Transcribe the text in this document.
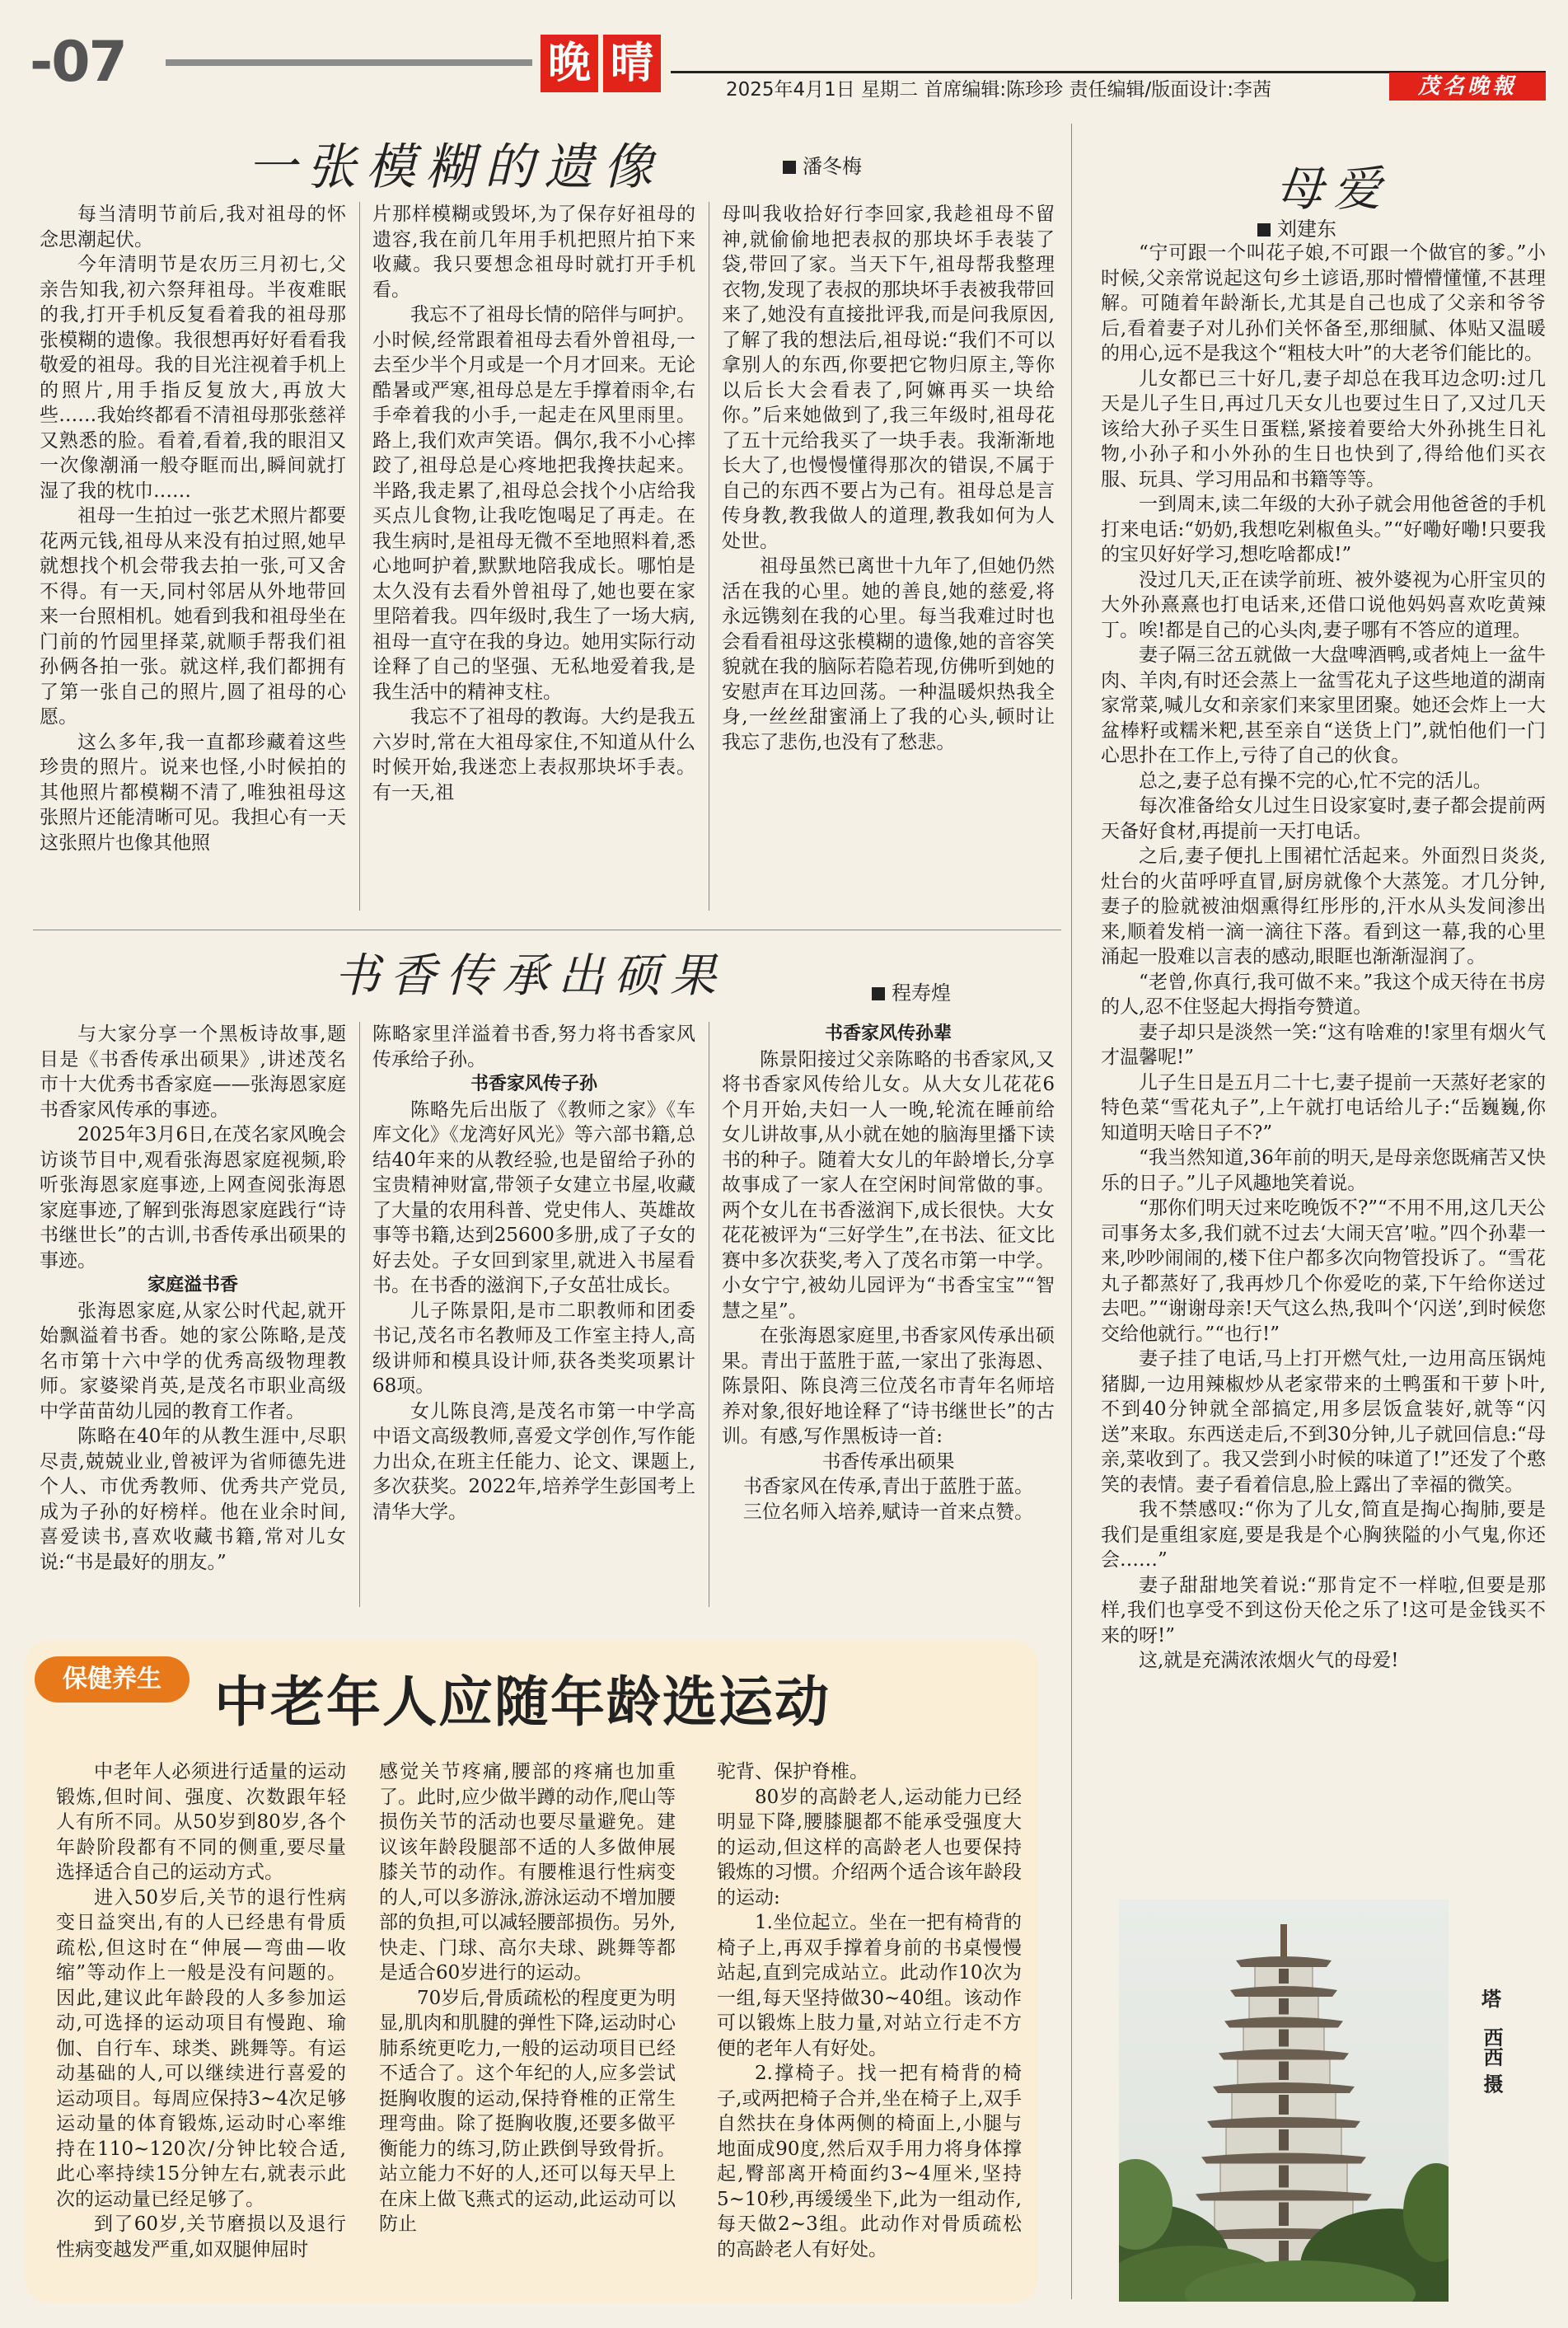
-07	晚 晴
2025年4月1日 星期二 首席编辑:陈珍珍 责任编辑/版面设计:李茜	茂名晚報
一张模糊的遗像	潘冬梅

每当清明节前后,我对祖母的怀念思潮起伏。

今年清明节是农历三月初七,父亲告知我,初六祭拜祖母。半夜难眠的我,打开手机反复看着我的祖母那张模糊的遗像。我很想再好好看看我敬爱的祖母。我的目光注视着手机上的照片,用手指反复放大,再放大些……我始终都看不清祖母那张慈祥又熟悉的脸。看着,看着,我的眼泪又一次像潮涌一般夺眶而出,瞬间就打湿了我的枕巾……

祖母一生拍过一张艺术照片都要花两元钱,祖母从来没有拍过照,她早就想找个机会带我去拍一张,可又舍不得。有一天,同村邻居从外地带回来一台照相机。她看到我和祖母坐在门前的竹园里择菜,就顺手帮我们祖孙俩各拍一张。就这样,我们都拥有了第一张自己的照片,圆了祖母的心愿。

这么多年,我一直都珍藏着这些珍贵的照片。说来也怪,小时候拍的其他照片都模糊不清了,唯独祖母这张照片还能清晰可见。我担心有一天这张照片也像其他照

片那样模糊或毁坏,为了保存好祖母的遗容,我在前几年用手机把照片拍下来收藏。我只要想念祖母时就打开手机看。

我忘不了祖母长情的陪伴与呵护。小时候,经常跟着祖母去看外曾祖母,一去至少半个月或是一个月才回来。无论酷暑或严寒,祖母总是左手撑着雨伞,右手牵着我的小手,一起走在风里雨里。路上,我们欢声笑语。偶尔,我不小心摔跤了,祖母总是心疼地把我搀扶起来。半路,我走累了,祖母总会找个小店给我买点儿食物,让我吃饱喝足了再走。在我生病时,是祖母无微不至地照料着,悉心地呵护着,默默地陪我成长。哪怕是太久没有去看外曾祖母了,她也要在家里陪着我。四年级时,我生了一场大病,祖母一直守在我的身边。她用实际行动诠释了自己的坚强、无私地爱着我,是我生活中的精神支柱。

我忘不了祖母的教诲。大约是我五六岁时,常在大祖母家住,不知道从什么时候开始,我迷恋上表叔那块坏手表。有一天,祖

母叫我收拾好行李回家,我趁祖母不留神,就偷偷地把表叔的那块坏手表装了袋,带回了家。当天下午,祖母帮我整理衣物,发现了表叔的那块坏手表被我带回来了,她没有直接批评我,而是问我原因,了解了我的想法后,祖母说:“我们不可以拿别人的东西,你要把它物归原主,等你以后长大会看表了,阿嫲再买一块给你。”后来她做到了,我三年级时,祖母花了五十元给我买了一块手表。我渐渐地长大了,也慢慢懂得那次的错误,不属于自己的东西不要占为己有。祖母总是言传身教,教我做人的道理,教我如何为人处世。

祖母虽然已离世十九年了,但她仍然活在我的心里。她的善良,她的慈爱,将永远镌刻在我的心里。每当我难过时也会看看祖母这张模糊的遗像,她的音容笑貌就在我的脑际若隐若现,仿佛听到她的安慰声在耳边回荡。一种温暖炽热我全身,一丝丝甜蜜涌上了我的心头,顿时让我忘了悲伤,也没有了愁悲。

书香传承出硕果	程寿煌

与大家分享一个黑板诗故事,题目是《书香传承出硕果》,讲述茂名市十大优秀书香家庭——张海恩家庭书香家风传承的事迹。

2025年3月6日,在茂名家风晚会访谈节目中,观看张海恩家庭视频,聆听张海恩家庭事迹,上网查阅张海恩家庭事迹,了解到张海恩家庭践行“诗书继世长”的古训,书香传承出硕果的事迹。

家庭溢书香

张海恩家庭,从家公时代起,就开始飘溢着书香。她的家公陈略,是茂名市第十六中学的优秀高级物理教师。家婆梁肖英,是茂名市职业高级中学苗苗幼儿园的教育工作者。

陈略在40年的从教生涯中,尽职尽责,兢兢业业,曾被评为省师德先进个人、市优秀教师、优秀共产党员,成为子孙的好榜样。他在业余时间,喜爱读书,喜欢收藏书籍,常对儿女说:“书是最好的朋友。”

陈略家里洋溢着书香,努力将书香家风传承给子孙。

书香家风传子孙

陈略先后出版了《教师之家》《车库文化》《龙湾好风光》等六部书籍,总结40年来的从教经验,也是留给子孙的宝贵精神财富,带领子女建立书屋,收藏了大量的农用科普、党史伟人、英雄故事等书籍,达到25600多册,成了子女的好去处。子女回到家里,就进入书屋看书。在书香的滋润下,子女茁壮成长。

儿子陈景阳,是市二职教师和团委书记,茂名市名教师及工作室主持人,高级讲师和模具设计师,获各类奖项累计68项。

女儿陈良湾,是茂名市第一中学高中语文高级教师,喜爱文学创作,写作能力出众,在班主任能力、论文、课题上,多次获奖。2022年,培养学生彭国考上清华大学。

书香家风传孙辈

陈景阳接过父亲陈略的书香家风,又将书香家风传给儿女。从大女儿花花6个月开始,夫妇一人一晚,轮流在睡前给女儿讲故事,从小就在她的脑海里播下读书的种子。随着大女儿的年龄增长,分享故事成了一家人在空闲时间常做的事。两个女儿在书香滋润下,成长很快。大女花花被评为“三好学生”,在书法、征文比赛中多次获奖,考入了茂名市第一中学。小女宁宁,被幼儿园评为“书香宝宝”“智慧之星”。

在张海恩家庭里,书香家风传承出硕果。青出于蓝胜于蓝,一家出了张海恩、陈景阳、陈良湾三位茂名市青年名师培养对象,很好地诠释了“诗书继世长”的古训。有感,写作黑板诗一首:

书香传承出硕果

书香家风在传承,青出于蓝胜于蓝。

三位名师入培养,赋诗一首来点赞。

母爱
刘建东

“宁可跟一个叫花子娘,不可跟一个做官的爹。”小时候,父亲常说起这句乡土谚语,那时懵懵懂懂,不甚理解。可随着年龄渐长,尤其是自己也成了父亲和爷爷后,看着妻子对儿孙们关怀备至,那细腻、体贴又温暖的用心,远不是我这个“粗枝大叶”的大老爷们能比的。

儿女都已三十好几,妻子却总在我耳边念叨:过几天是儿子生日,再过几天女儿也要过生日了,又过几天该给大孙子买生日蛋糕,紧接着要给大外孙挑生日礼物,小孙子和小外孙的生日也快到了,得给他们买衣服、玩具、学习用品和书籍等等。

一到周末,读二年级的大孙子就会用他爸爸的手机打来电话:“奶奶,我想吃剁椒鱼头。”“好嘞好嘞!只要我的宝贝好好学习,想吃啥都成!”

没过几天,正在读学前班、被外婆视为心肝宝贝的大外孙熹熹也打电话来,还借口说他妈妈喜欢吃黄辣丁。唉!都是自己的心头肉,妻子哪有不答应的道理。

妻子隔三岔五就做一大盘啤酒鸭,或者炖上一盆牛肉、羊肉,有时还会蒸上一盆雪花丸子这些地道的湖南家常菜,喊儿女和亲家们来家里团聚。她还会炸上一大盆棒籽或糯米粑,甚至亲自“送货上门”,就怕他们一门心思扑在工作上,亏待了自己的伙食。

总之,妻子总有操不完的心,忙不完的活儿。

每次准备给女儿过生日设家宴时,妻子都会提前两天备好食材,再提前一天打电话。

之后,妻子便扎上围裙忙活起来。外面烈日炎炎,灶台的火苗呼呼直冒,厨房就像个大蒸笼。才几分钟,妻子的脸就被油烟熏得红彤彤的,汗水从头发间渗出来,顺着发梢一滴一滴往下落。看到这一幕,我的心里涌起一股难以言表的感动,眼眶也渐渐湿润了。

“老曾,你真行,我可做不来。”我这个成天待在书房的人,忍不住竖起大拇指夸赞道。

妻子却只是淡然一笑:“这有啥难的!家里有烟火气才温馨呢!”

儿子生日是五月二十七,妻子提前一天蒸好老家的特色菜“雪花丸子”,上午就打电话给儿子:“岳巍巍,你知道明天啥日子不?”

“我当然知道,36年前的明天,是母亲您既痛苦又快乐的日子。”儿子风趣地笑着说。

“那你们明天过来吃晚饭不?”“不用不用,这几天公司事务太多,我们就不过去‘大闹天宫’啦。”四个孙辈一来,吵吵闹闹的,楼下住户都多次向物管投诉了。“雪花丸子都蒸好了,我再炒几个你爱吃的菜,下午给你送过去吧。”“谢谢母亲!天气这么热,我叫个‘闪送’,到时候您交给他就行。”“也行!”

妻子挂了电话,马上打开燃气灶,一边用高压锅炖猪脚,一边用辣椒炒从老家带来的土鸭蛋和干萝卜叶,不到40分钟就全部搞定,用多层饭盒装好,就等“闪送”来取。东西送走后,不到30分钟,儿子就回信息:“母亲,菜收到了。我又尝到小时候的味道了!”还发了个憨笑的表情。妻子看着信息,脸上露出了幸福的微笑。

我不禁感叹:“你为了儿女,简直是掏心掏肺,要是我们是重组家庭,要是我是个心胸狭隘的小气鬼,你还会……”

妻子甜甜地笑着说:“那肯定不一样啦,但要是那样,我们也享受不到这份天伦之乐了!这可是金钱买不来的呀!”

这,就是充满浓浓烟火气的母爱!

保健养生 中老年人应随年龄选运动

中老年人必须进行适量的运动锻炼,但时间、强度、次数跟年轻人有所不同。从50岁到80岁,各个年龄阶段都有不同的侧重,要尽量选择适合自己的运动方式。

进入50岁后,关节的退行性病变日益突出,有的人已经患有骨质疏松,但这时在“伸展—弯曲—收缩”等动作上一般是没有问题的。因此,建议此年龄段的人多参加运动,可选择的运动项目有慢跑、瑜伽、自行车、球类、跳舞等。有运动基础的人,可以继续进行喜爱的运动项目。每周应保持3~4次足够运动量的体育锻炼,运动时心率维持在110~120次/分钟比较合适,此心率持续15分钟左右,就表示此次的运动量已经足够了。

到了60岁,关节磨损以及退行性病变越发严重,如双腿伸屈时

感觉关节疼痛,腰部的疼痛也加重了。此时,应少做半蹲的动作,爬山等损伤关节的活动也要尽量避免。建议该年龄段腿部不适的人多做伸展膝关节的动作。有腰椎退行性病变的人,可以多游泳,游泳运动不增加腰部的负担,可以减轻腰部损伤。另外,快走、门球、高尔夫球、跳舞等都是适合60岁进行的运动。

70岁后,骨质疏松的程度更为明显,肌肉和肌腱的弹性下降,运动时心肺系统更吃力,一般的运动项目已经不适合了。这个年纪的人,应多尝试挺胸收腹的运动,保持脊椎的正常生理弯曲。除了挺胸收腹,还要多做平衡能力的练习,防止跌倒导致骨折。站立能力不好的人,还可以每天早上在床上做飞燕式的运动,此运动可以防止

驼背、保护脊椎。

80岁的高龄老人,运动能力已经明显下降,腰膝腿都不能承受强度大的运动,但这样的高龄老人也要保持锻炼的习惯。介绍两个适合该年龄段的运动:

1.坐位起立。坐在一把有椅背的椅子上,再双手撑着身前的书桌慢慢站起,直到完成站立。此动作10次为一组,每天坚持做30~40组。该动作可以锻炼上肢力量,对站立行走不方便的老年人有好处。

2.撑椅子。找一把有椅背的椅子,或两把椅子合并,坐在椅子上,双手自然扶在身体两侧的椅面上,小腿与地面成90度,然后双手用力将身体撑起,臀部离开椅面约3~4厘米,坚持5~10秒,再缓缓坐下,此为一组动作,每天做2~3组。此动作对骨质疏松的高龄老人有好处。

塔
西西 摄
